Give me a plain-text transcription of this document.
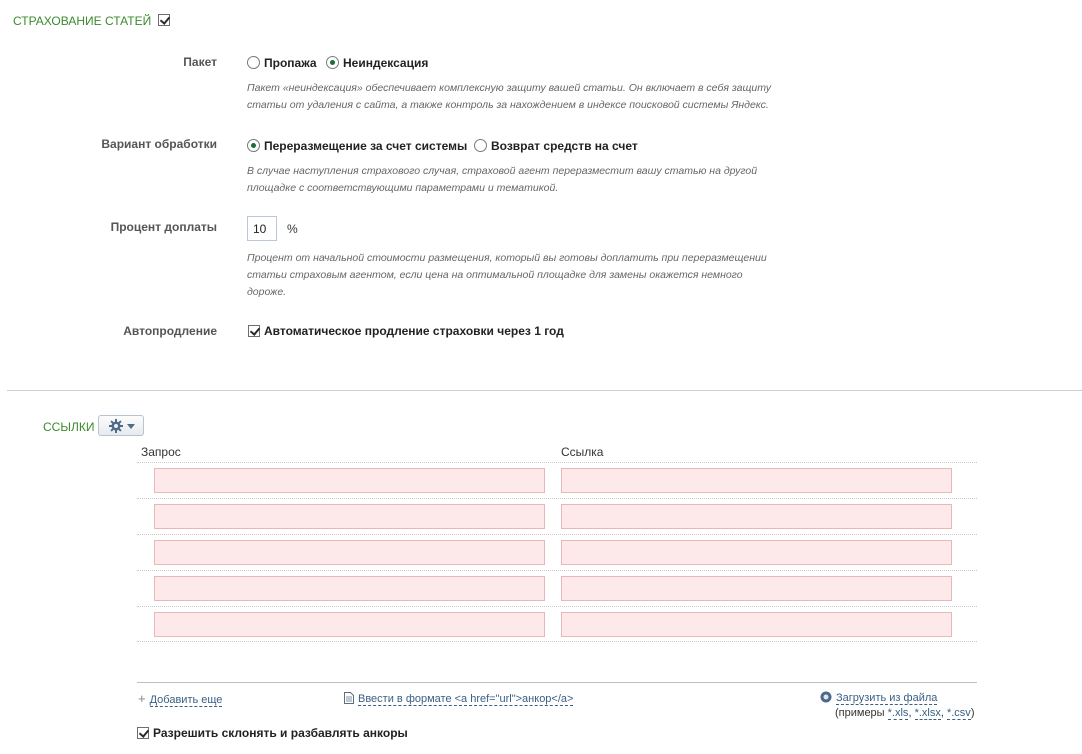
СТРАХОВАНИЕ СТАТЕЙ
Пакет	Пропажа	Неиндексация
Пакет «неиндексация» обеспечивает комплексную защиту вашей статьи. Он включает в себя защиту
статьи от удаления с сайта, а также контроль за нахождением в индексе поисковой системы Яндекс.
Вариант обработки	Переразмещение за счет системы	Возврат средств на счет
В случае наступления страхового случая, страховой агент переразместит вашу статью на другой
площадке с соответствующими параметрами и тематикой.
Процент доплаты	10	%
Процент от начальной стоимости размещения, который вы готовы доплатить при переразмещении
статьи страховым агентом, если цена на оптимальной площадке для замены окажется немного
дороже.
Автопродление	Автоматическое продление страховки через 1 год
ССЫЛКИ
Запрос	Ссылка
+ Добавить еще	Ввести в формате <a href="url">анкор</a>	Загрузить из файла
(примеры *.xls, *.xlsx, *.csv)
Разрешить склонять и разбавлять анкоры
